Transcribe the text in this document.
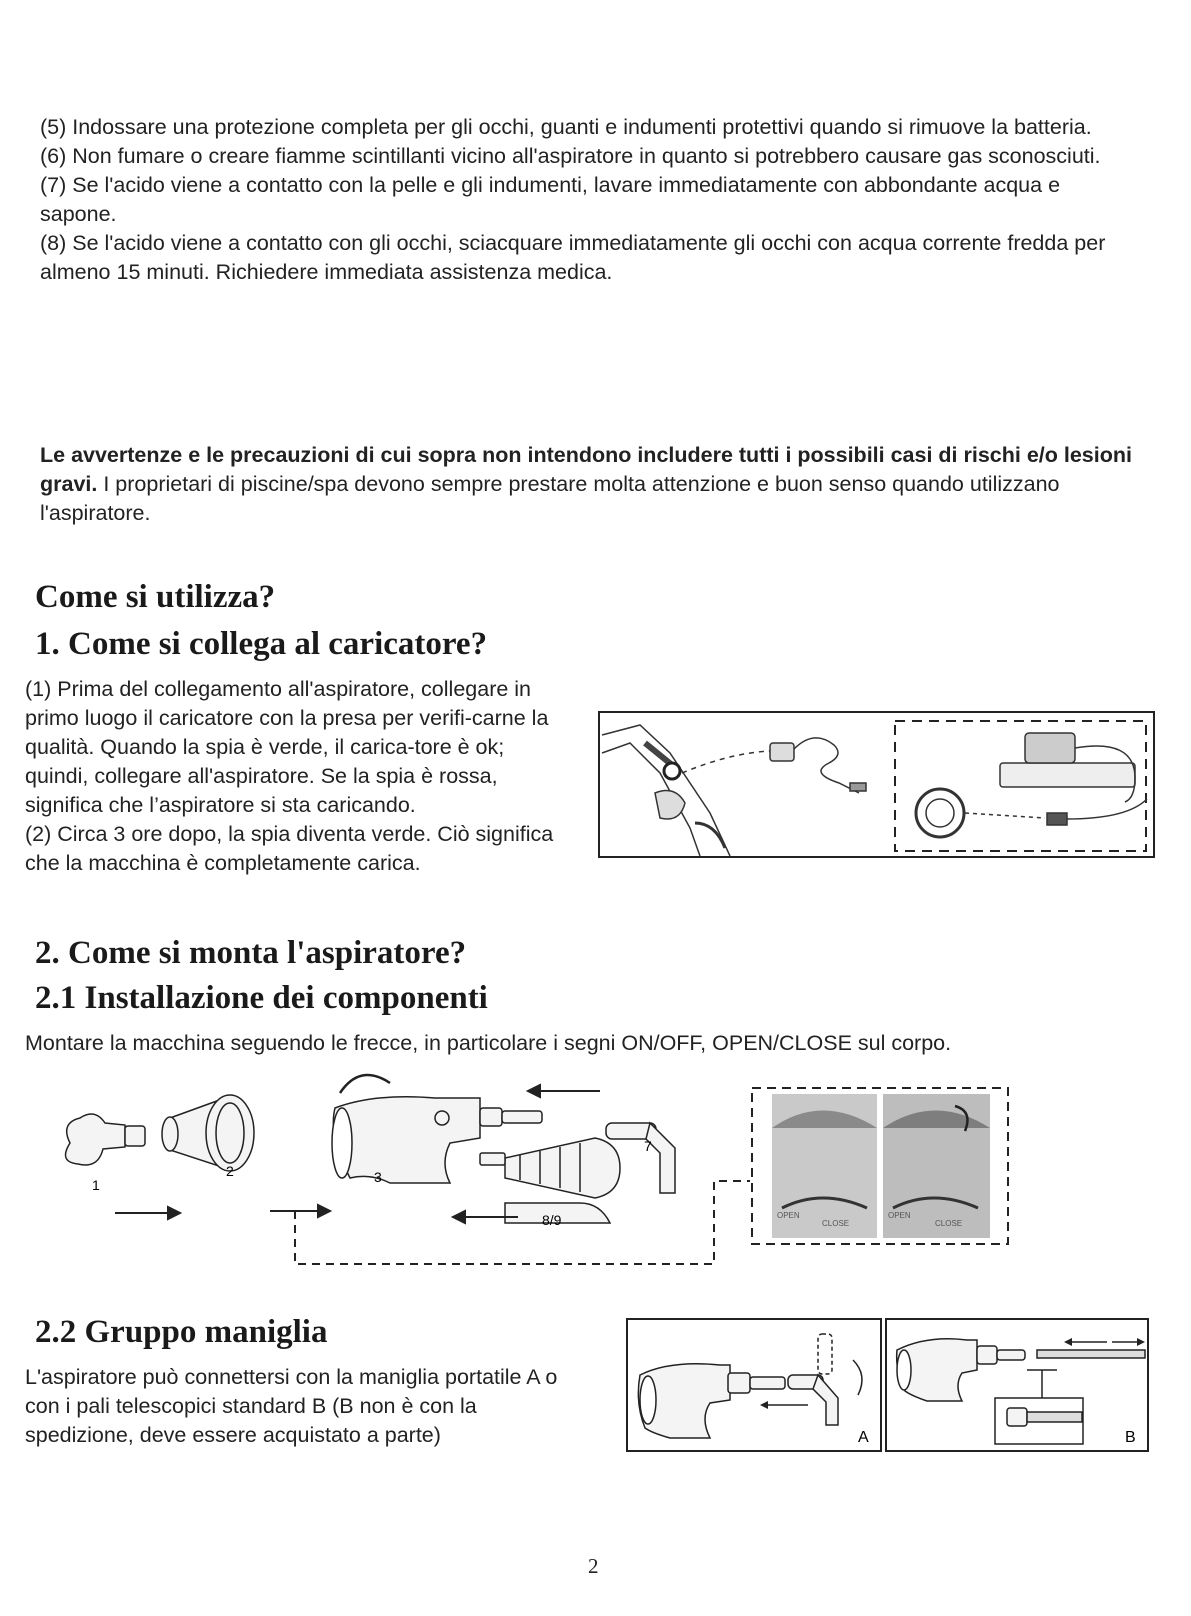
(5) Indossare una protezione completa per gli occhi, guanti e indumenti protettivi quando si rimuove la batteria.

(6) Non fumare o creare fiamme scintillanti vicino all'aspiratore in quanto si potrebbero causare gas sconosciuti.

(7) Se l'acido viene a contatto con la pelle e gli indumenti, lavare immediatamente con abbondante acqua e sapone.

(8) Se l'acido viene a contatto con gli occhi, sciacquare immediatamente gli occhi con acqua corrente fredda per almeno 15 minuti. Richiedere immediata assistenza medica.

Le avvertenze e le precauzioni di cui sopra non intendono includere tutti i possibili casi di rischi e/o lesioni gravi. I proprietari di piscine/spa devono sempre prestare molta attenzione e buon senso quando utilizzano l'aspiratore.
Come si utilizza?
1. Come si collega al caricatore?

(1) Prima del collegamento all'aspiratore, collegare in primo luogo il caricatore con la presa per verifi-carne la qualità. Quando la spia è verde, il carica-tore è ok; quindi, collegare all'aspiratore. Se la spia è rossa, significa che l’aspiratore si sta caricando.

(2) Circa 3 ore dopo, la spia diventa verde. Ciò significa che la macchina è completamente carica.

2. Come si monta l'aspiratore?
2.1 Installazione dei componenti
Montare la macchina seguendo le frecce, in particolare i segni ON/OFF, OPEN/CLOSE sul corpo.
1
2	3
7
8/9	OPEN
CLOSE
OPEN
CLOSE
2.2 Gruppo maniglia
L'aspiratore può connettersi con la maniglia portatile A o con i pali telescopici standard B (B non è con la spedizione, deve essere acquistato a parte)	A	B
2
